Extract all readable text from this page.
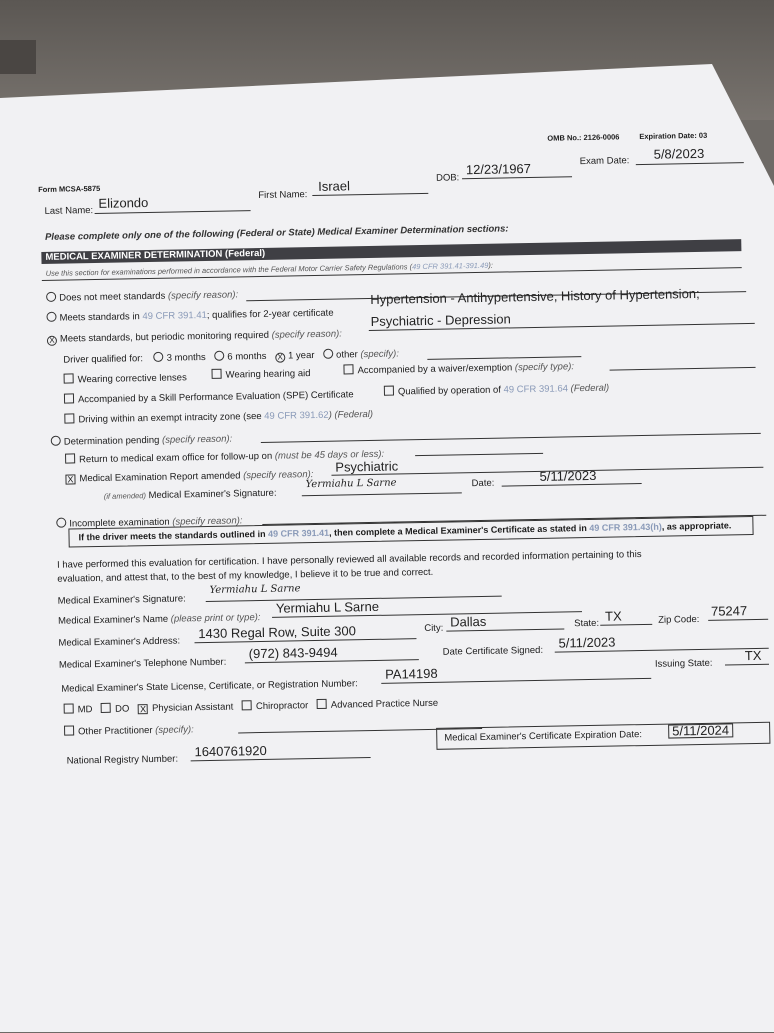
OMB No.: 2126-0006	Expiration Date: 03
Form MCSA-5875
Exam Date: 5/8/2023
Last Name:
Elizondo	First Name:
Israel
DOB:
12/23/1967
Please complete only one of the following (Federal or State) Medical Examiner Determination sections:
MEDICAL EXAMINER DETERMINATION (Federal)
Use this section for examinations performed in accordance with the Federal Motor Carrier Safety Regulations (49 CFR 391.41-391.49):
Does not meet standards (specify reason):
Meets standards in 49 CFR 391.41; qualifies for 2-year certificate
Hypertension - Antihypertensive, History of Hypertension;
X Meets standards, but periodic monitoring required (specify reason):
Psychiatric - Depression
Driver qualified for: 3 months 6 months X 1 year other (specify):
Wearing corrective lenses	Wearing hearing aid	Accompanied by a waiver/exemption (specify type):
Accompanied by a Skill Performance Evaluation (SPE) Certificate	Qualified by operation of 49 CFR 391.64 (Federal)
Driving within an exempt intracity zone (see 49 CFR 391.62) (Federal)
Determination pending (specify reason):
Return to medical exam office for follow-up on (must be 45 days or less):
X Medical Examination Report amended (specify reason):
Psychiatric
(if amended) Medical Examiner's Signature:
Yermiahu L Sarne	Date:	5/11/2023
Incomplete examination (specify reason):
If the driver meets the standards outlined in 49 CFR 391.41, then complete a Medical Examiner's Certificate as stated in 49 CFR 391.43(h), as appropriate.
I have performed this evaluation for certification. I have personally reviewed all available records and recorded information pertaining to this
evaluation, and attest that, to the best of my knowledge, I believe it to be true and correct.
Medical Examiner's Signature:
Yermiahu L Sarne
Medical Examiner's Name (please print or type):
Yermiahu L Sarne
Medical Examiner's Address:
1430 Regal Row, Suite 300	City: Dallas	State: TX	Zip Code:
75247
Medical Examiner's Telephone Number:
(972) 843-9494	Date Certificate Signed:
5/11/2023
Medical Examiner's State License, Certificate, or Registration Number:
PA14198
Issuing State:
TX
MD DO X Physician Assistant Chiropractor Advanced Practice Nurse
Other Practitioner (specify):
National Registry Number:
1640761920
Medical Examiner's Certificate Expiration Date:	5/11/2024
